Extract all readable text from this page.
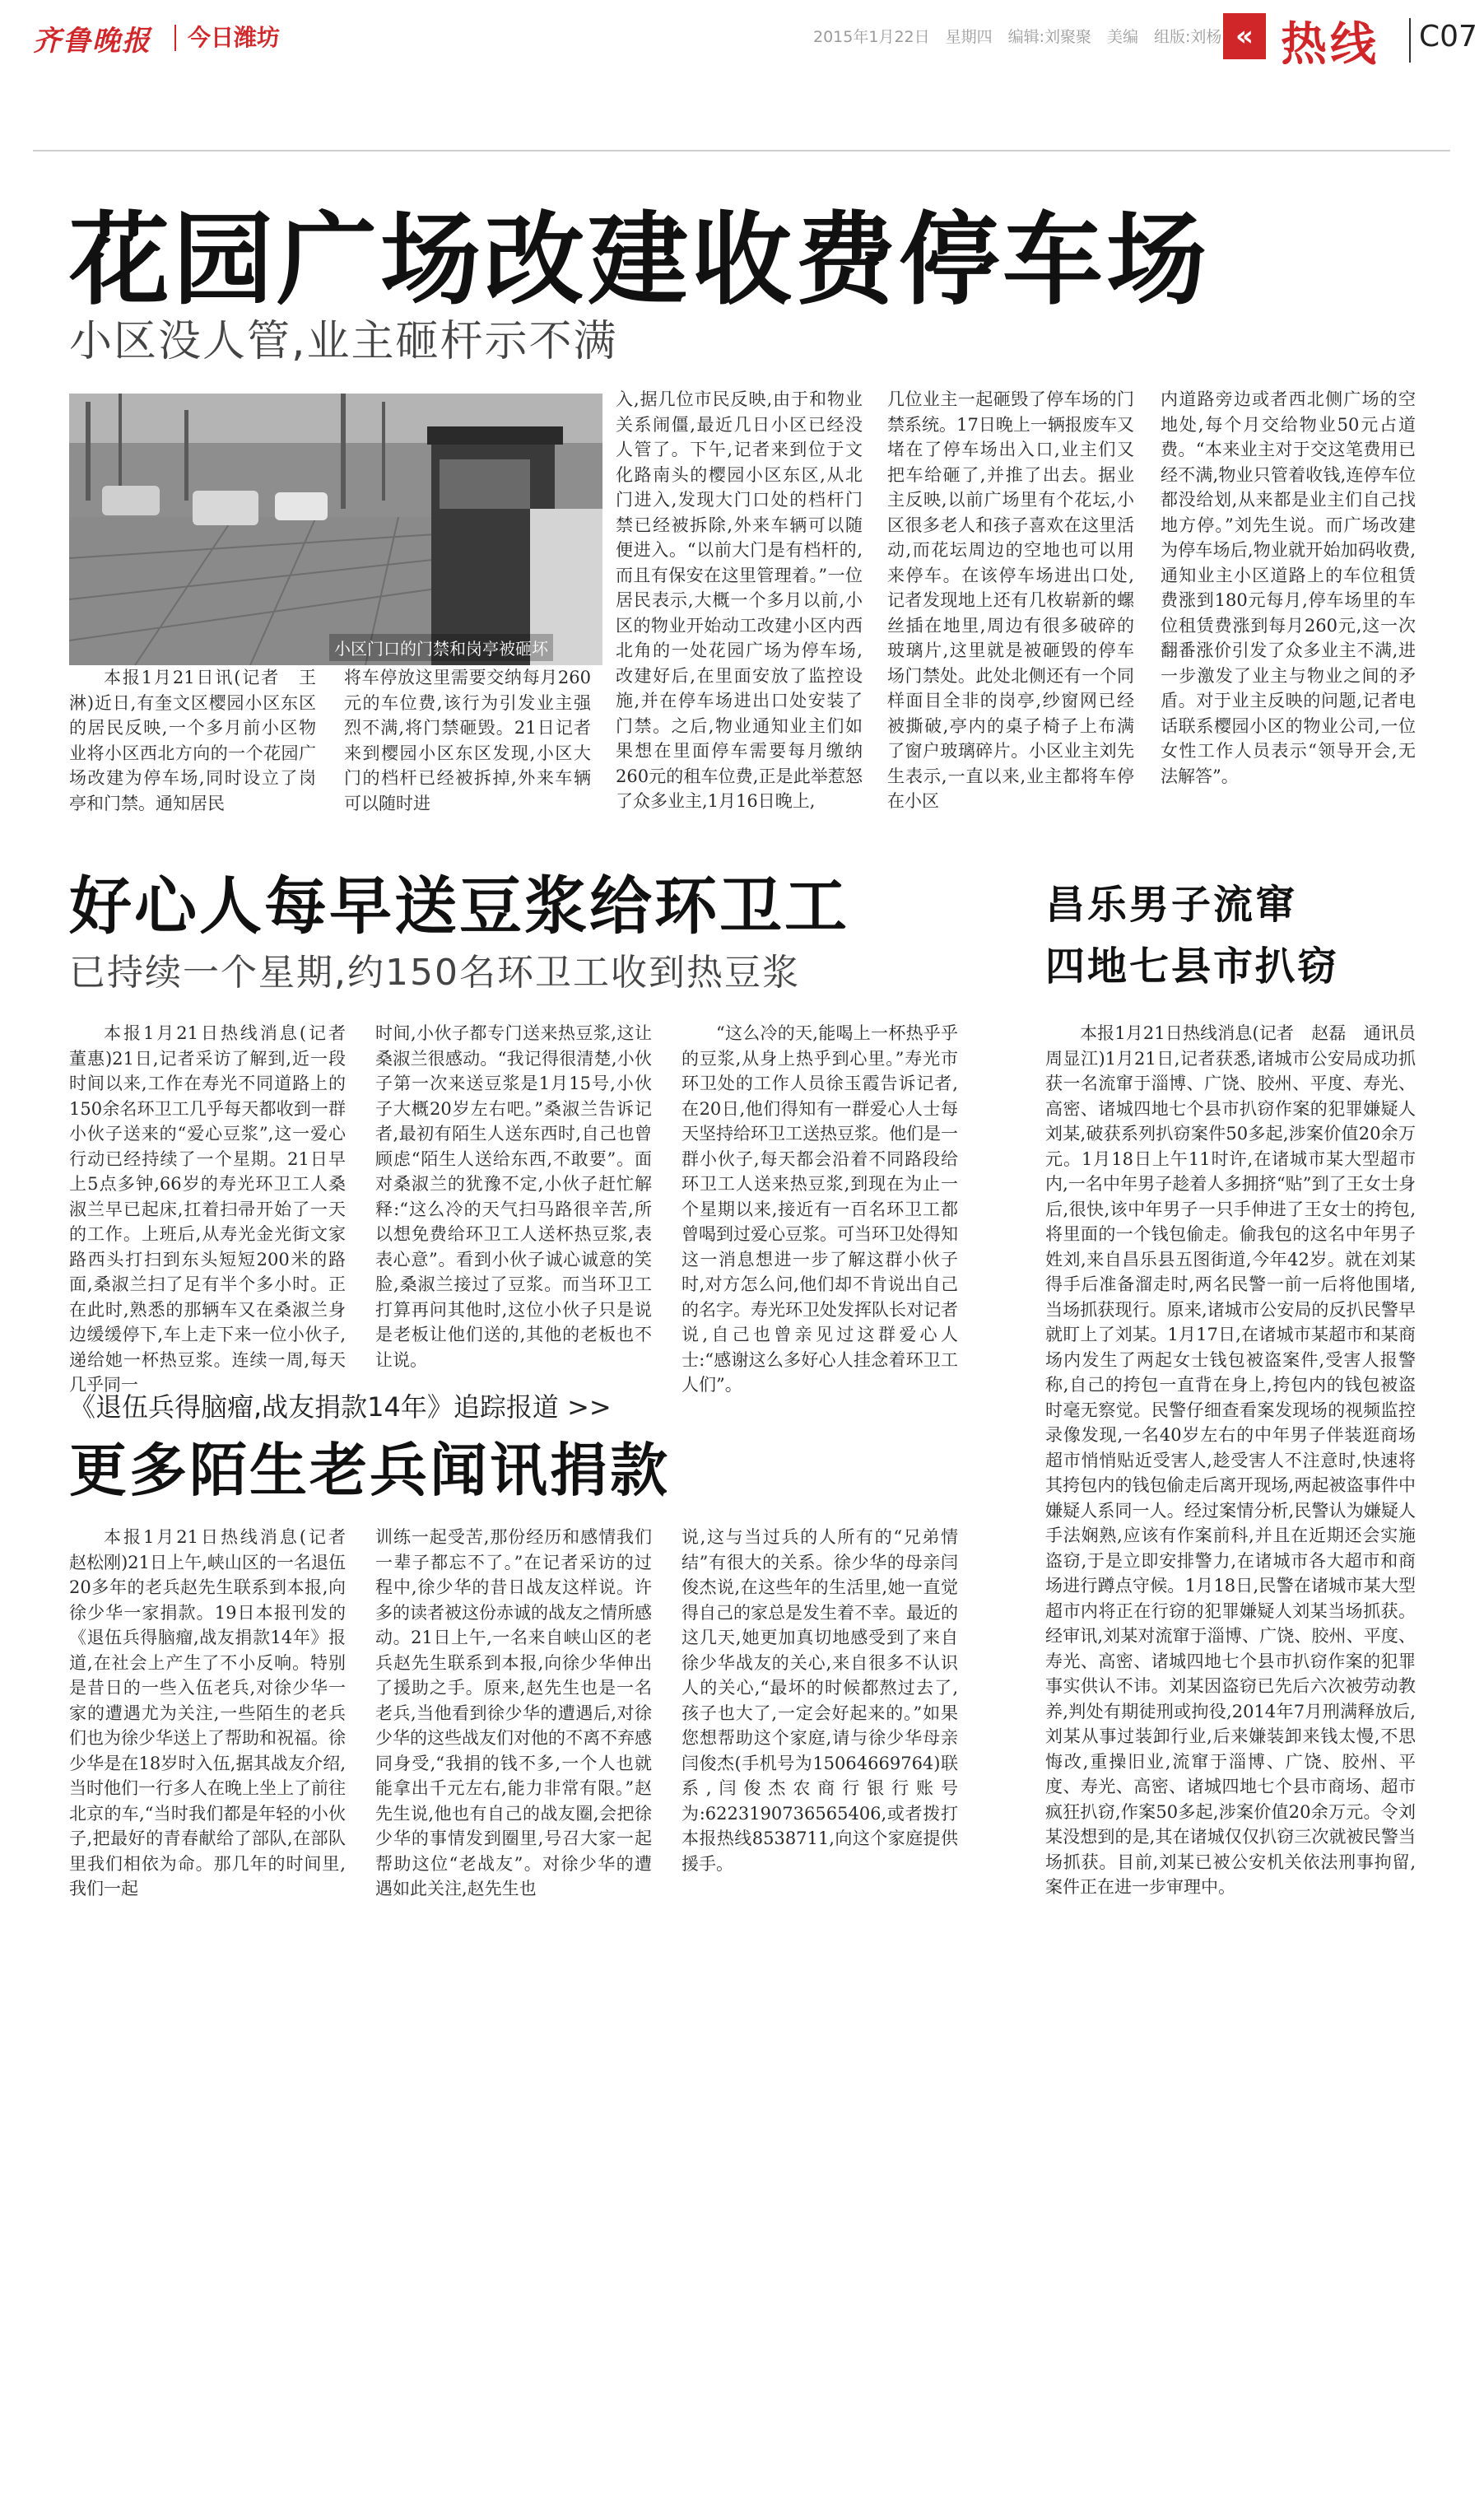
齐鲁晚报 今日潍坊	2015年1月22日　星期四　编辑:刘聚聚　美编　组版:刘杨 « 热线 C07
花园广场改建收费停车场
小区没人管,业主砸杆示不满
小区门口的门禁和岗亭被砸坏

本报1月21日讯(记者　王淋)近日,有奎文区樱园小区东区的居民反映,一个多月前小区物业将小区西北方向的一个花园广场改建为停车场,同时设立了岗亭和门禁。通知居民

将车停放这里需要交纳每月260元的车位费,该行为引发业主强烈不满,将门禁砸毁。21日记者来到樱园小区东区发现,小区大门的档杆已经被拆掉,外来车辆可以随时进

入,据几位市民反映,由于和物业关系闹僵,最近几日小区已经没人管了。下午,记者来到位于文化路南头的樱园小区东区,从北门进入,发现大门口处的档杆门禁已经被拆除,外来车辆可以随便进入。“以前大门是有档杆的,而且有保安在这里管理着。”一位居民表示,大概一个多月以前,小区的物业开始动工改建小区内西北角的一处花园广场为停车场,改建好后,在里面安放了监控设施,并在停车场进出口处安装了门禁。之后,物业通知业主们如果想在里面停车需要每月缴纳260元的租车位费,正是此举惹怒了众多业主,1月16日晚上,

几位业主一起砸毁了停车场的门禁系统。17日晚上一辆报废车又堵在了停车场出入口,业主们又把车给砸了,并推了出去。据业主反映,以前广场里有个花坛,小区很多老人和孩子喜欢在这里活动,而花坛周边的空地也可以用来停车。在该停车场进出口处,记者发现地上还有几枚崭新的螺丝插在地里,周边有很多破碎的玻璃片,这里就是被砸毁的停车场门禁处。此处北侧还有一个同样面目全非的岗亭,纱窗网已经被撕破,亭内的桌子椅子上布满了窗户玻璃碎片。小区业主刘先生表示,一直以来,业主都将车停在小区

内道路旁边或者西北侧广场的空地处,每个月交给物业50元占道费。“本来业主对于交这笔费用已经不满,物业只管着收钱,连停车位都没给划,从来都是业主们自己找地方停。”刘先生说。而广场改建为停车场后,物业就开始加码收费,通知业主小区道路上的车位租赁费涨到180元每月,停车场里的车位租赁费涨到每月260元,这一次翻番涨价引发了众多业主不满,进一步激发了业主与物业之间的矛盾。对于业主反映的问题,记者电话联系樱园小区的物业公司,一位女性工作人员表示“领导开会,无法解答”。

好心人每早送豆浆给环卫工
已持续一个星期,约150名环卫工收到热豆浆

本报1月21日热线消息(记者　董惠)21日,记者采访了解到,近一段时间以来,工作在寿光不同道路上的150余名环卫工几乎每天都收到一群小伙子送来的“爱心豆浆”,这一爱心行动已经持续了一个星期。21日早上5点多钟,66岁的寿光环卫工人桑淑兰早已起床,扛着扫帚开始了一天的工作。上班后,从寿光金光街文家路西头打扫到东头短短200米的路面,桑淑兰扫了足有半个多小时。正在此时,熟悉的那辆车又在桑淑兰身边缓缓停下,车上走下来一位小伙子,递给她一杯热豆浆。连续一周,每天几乎同一

时间,小伙子都专门送来热豆浆,这让桑淑兰很感动。“我记得很清楚,小伙子第一次来送豆浆是1月15号,小伙子大概20岁左右吧。”桑淑兰告诉记者,最初有陌生人送东西时,自己也曾顾虑“陌生人送给东西,不敢要”。面对桑淑兰的犹豫不定,小伙子赶忙解释:“这么冷的天气扫马路很辛苦,所以想免费给环卫工人送杯热豆浆,表表心意”。看到小伙子诚心诚意的笑脸,桑淑兰接过了豆浆。而当环卫工打算再问其他时,这位小伙子只是说是老板让他们送的,其他的老板也不让说。

“这么冷的天,能喝上一杯热乎乎的豆浆,从身上热乎到心里。”寿光市环卫处的工作人员徐玉霞告诉记者,在20日,他们得知有一群爱心人士每天坚持给环卫工送热豆浆。他们是一群小伙子,每天都会沿着不同路段给环卫工人送来热豆浆,到现在为止一个星期以来,接近有一百名环卫工都曾喝到过爱心豆浆。可当环卫处得知这一消息想进一步了解这群小伙子时,对方怎么问,他们却不肯说出自己的名字。寿光环卫处发挥队长对记者说,自己也曾亲见过这群爱心人士:“感谢这么多好心人挂念着环卫工人们”。

《退伍兵得脑瘤,战友捐款14年》追踪报道 >>
更多陌生老兵闻讯捐款

本报1月21日热线消息(记者　赵松刚)21日上午,峡山区的一名退伍20多年的老兵赵先生联系到本报,向徐少华一家捐款。19日本报刊发的《退伍兵得脑瘤,战友捐款14年》报道,在社会上产生了不小反响。特别是昔日的一些入伍老兵,对徐少华一家的遭遇尤为关注,一些陌生的老兵们也为徐少华送上了帮助和祝福。徐少华是在18岁时入伍,据其战友介绍,当时他们一行多人在晚上坐上了前往北京的车,“当时我们都是年轻的小伙子,把最好的青春献给了部队,在部队里我们相依为命。那几年的时间里,我们一起

训练一起受苦,那份经历和感情我们一辈子都忘不了。”在记者采访的过程中,徐少华的昔日战友这样说。许多的读者被这份赤诚的战友之情所感动。21日上午,一名来自峡山区的老兵赵先生联系到本报,向徐少华伸出了援助之手。原来,赵先生也是一名老兵,当他看到徐少华的遭遇后,对徐少华的这些战友们对他的不离不弃感同身受,“我捐的钱不多,一个人也就能拿出千元左右,能力非常有限。”赵先生说,他也有自己的战友圈,会把徐少华的事情发到圈里,号召大家一起帮助这位“老战友”。对徐少华的遭遇如此关注,赵先生也

说,这与当过兵的人所有的“兄弟情结”有很大的关系。徐少华的母亲闫俊杰说,在这些年的生活里,她一直觉得自己的家总是发生着不幸。最近的这几天,她更加真切地感受到了来自徐少华战友的关心,来自很多不认识人的关心,“最坏的时候都熬过去了,孩子也大了,一定会好起来的。”如果您想帮助这个家庭,请与徐少华母亲闫俊杰(手机号为15064669764)联系,闫俊杰农商行银行账号为:6223190736565406,或者拨打本报热线8538711,向这个家庭提供援手。

昌乐男子流窜
四地七县市扒窃

本报1月21日热线消息(记者　赵磊　通讯员　周显江)1月21日,记者获悉,诸城市公安局成功抓获一名流窜于淄博、广饶、胶州、平度、寿光、高密、诸城四地七个县市扒窃作案的犯罪嫌疑人刘某,破获系列扒窃案件50多起,涉案价值20余万元。1月18日上午11时许,在诸城市某大型超市内,一名中年男子趁着人多拥挤“贴”到了王女士身后,很快,该中年男子一只手伸进了王女士的挎包,将里面的一个钱包偷走。偷我包的这名中年男子姓刘,来自昌乐县五图街道,今年42岁。就在刘某得手后准备溜走时,两名民警一前一后将他围堵,当场抓获现行。原来,诸城市公安局的反扒民警早就盯上了刘某。1月17日,在诸城市某超市和某商场内发生了两起女士钱包被盗案件,受害人报警称,自己的挎包一直背在身上,挎包内的钱包被盗时毫无察觉。民警仔细查看案发现场的视频监控录像发现,一名40岁左右的中年男子伴装逛商场超市悄悄贴近受害人,趁受害人不注意时,快速将其挎包内的钱包偷走后离开现场,两起被盗事件中嫌疑人系同一人。经过案情分析,民警认为嫌疑人手法娴熟,应该有作案前科,并且在近期还会实施盗窃,于是立即安排警力,在诸城市各大超市和商场进行蹲点守候。1月18日,民警在诸城市某大型超市内将正在行窃的犯罪嫌疑人刘某当场抓获。经审讯,刘某对流窜于淄博、广饶、胶州、平度、寿光、高密、诸城四地七个县市扒窃作案的犯罪事实供认不讳。刘某因盗窃已先后六次被劳动教养,判处有期徒刑或拘役,2014年7月刑满释放后,刘某从事过装卸行业,后来嫌装卸来钱太慢,不思悔改,重操旧业,流窜于淄博、广饶、胶州、平度、寿光、高密、诸城四地七个县市商场、超市疯狂扒窃,作案50多起,涉案价值20余万元。令刘某没想到的是,其在诸城仅仅扒窃三次就被民警当场抓获。目前,刘某已被公安机关依法刑事拘留,案件正在进一步审理中。
